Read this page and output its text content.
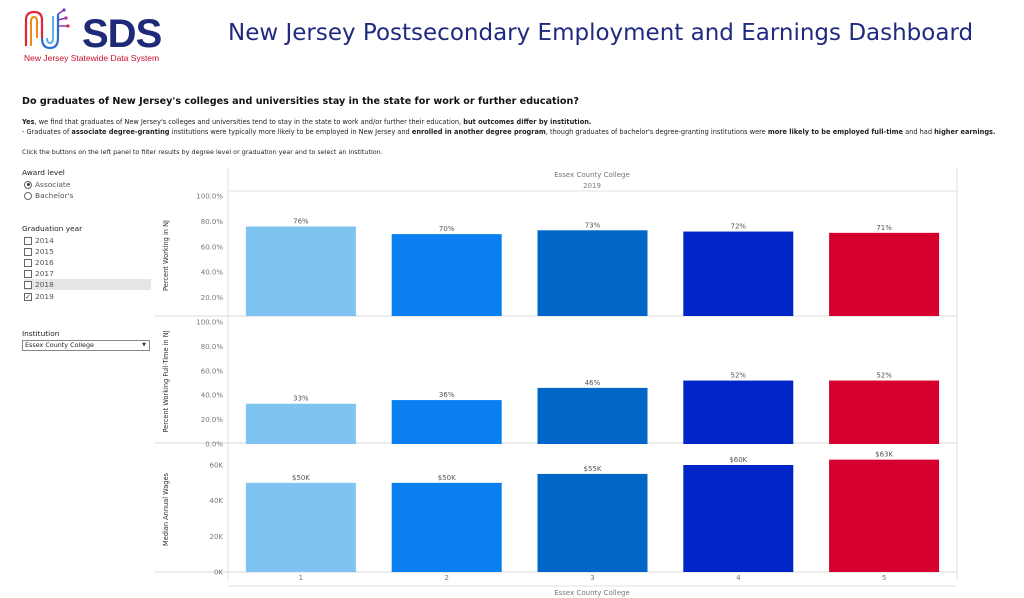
SDS
New Jersey Statewide Data System
New Jersey Postsecondary Employment and Earnings Dashboard
Do graduates of New Jersey's colleges and universities stay in the state for work or further education?
Yes, we find that graduates of New Jersey's colleges and universities tend to stay in the state to work and/or further their education, but outcomes differ by institution.
- Graduates of associate degree-granting institutions were typically more likely to be employed in New Jersey and enrolled in another degree program, though graduates of bachelor's degree-granting institutions were more likely to be employed full-time and had higher earnings.
Click the buttons on the left panel to filter results by degree level or graduation year and to select an institution.
Award level
Associate
Bachelor's
Graduation year
2014
2015
2016
2017
2018
✓ 2019
Institution
Essex County College	▼
Essex County College
2019
Percent Working in NJ
20.0%
40.0%
60.0%
80.0%
100.0%
76%
70%	73%	72%	71%
Percent Working Full-Time in NJ
0.0%
20.0%
40.0%
60.0%
80.0%
100.0%
33%	36%
46%
52%	52%
Median Annual Wages
0K
20K
40K
60K
$50K	$50K
$55K
$60K
$63K
1	2	3	4	5
Essex County College
